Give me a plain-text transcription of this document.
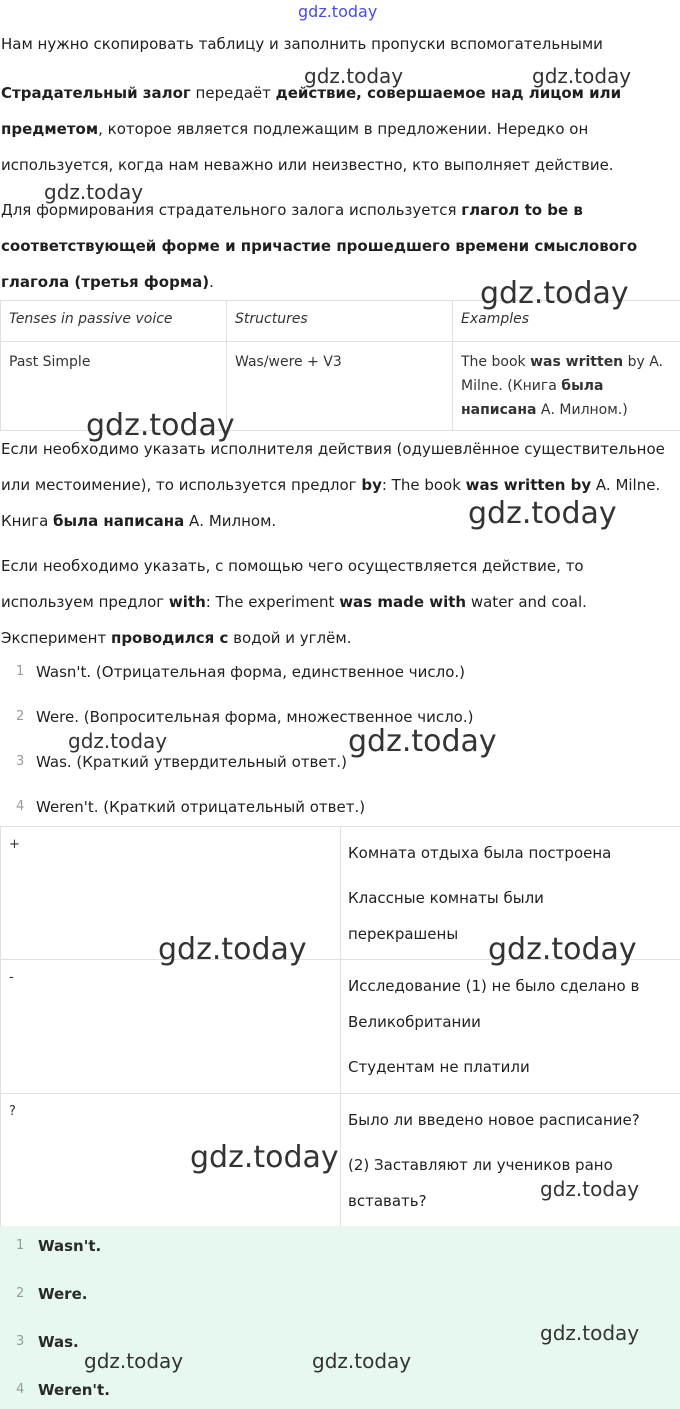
gdz.today

Нам нужно скопировать таблицу и заполнить пропуски вспомогательными

Страдательный залог передаёт действие, совершаемое над лицом или предметом, которое является подлежащим в предложении. Нередко он используется, когда нам неважно или неизвестно, кто выполняет действие.

Для формирования страдательного залога используется глагол to be в соответствующей форме и причастие прошедшего времени смыслового глагола (третья форма).

Tenses in passive voice	Structures	Examples

Past Simple	Was/were + V3	The book was written by A. Milne. (Книга была написана А. Милном.)

Если необходимо указать исполнителя действия (одушевлённое существительное или местоимение), то используется предлог by: The book was written by A. Milne. Книга была написана А. Милном.

Если необходимо указать, с помощью чего осуществляется действие, то используем предлог with: The experiment was made with water and coal. Эксперимент проводился с водой и углём.

1 Wasn't. (Отрицательная форма, единственное число.)
2 Were. (Вопросительная форма, множественное число.)
3 Was. (Краткий утвердительный ответ.)
4 Weren't. (Краткий отрицательный ответ.)
+	Комната отдыха была построена

Классные комнаты были

перекрашены

-	Исследование (1) не было сделано в

Великобритании

Студентам не платили

?	Было ли введено новое расписание?

(2) Заставляют ли учеников рано

вставать?

1 Wasn't.
2 Were.
3 Was.
4 Weren't.
gdz.today	gdz.today
gdz.today
gdz.today
gdz.today
gdz.today
gdz.today	gdz.today
gdz.today	gdz.today
gdz.today
gdz.today
gdz.today
gdz.today	gdz.today
